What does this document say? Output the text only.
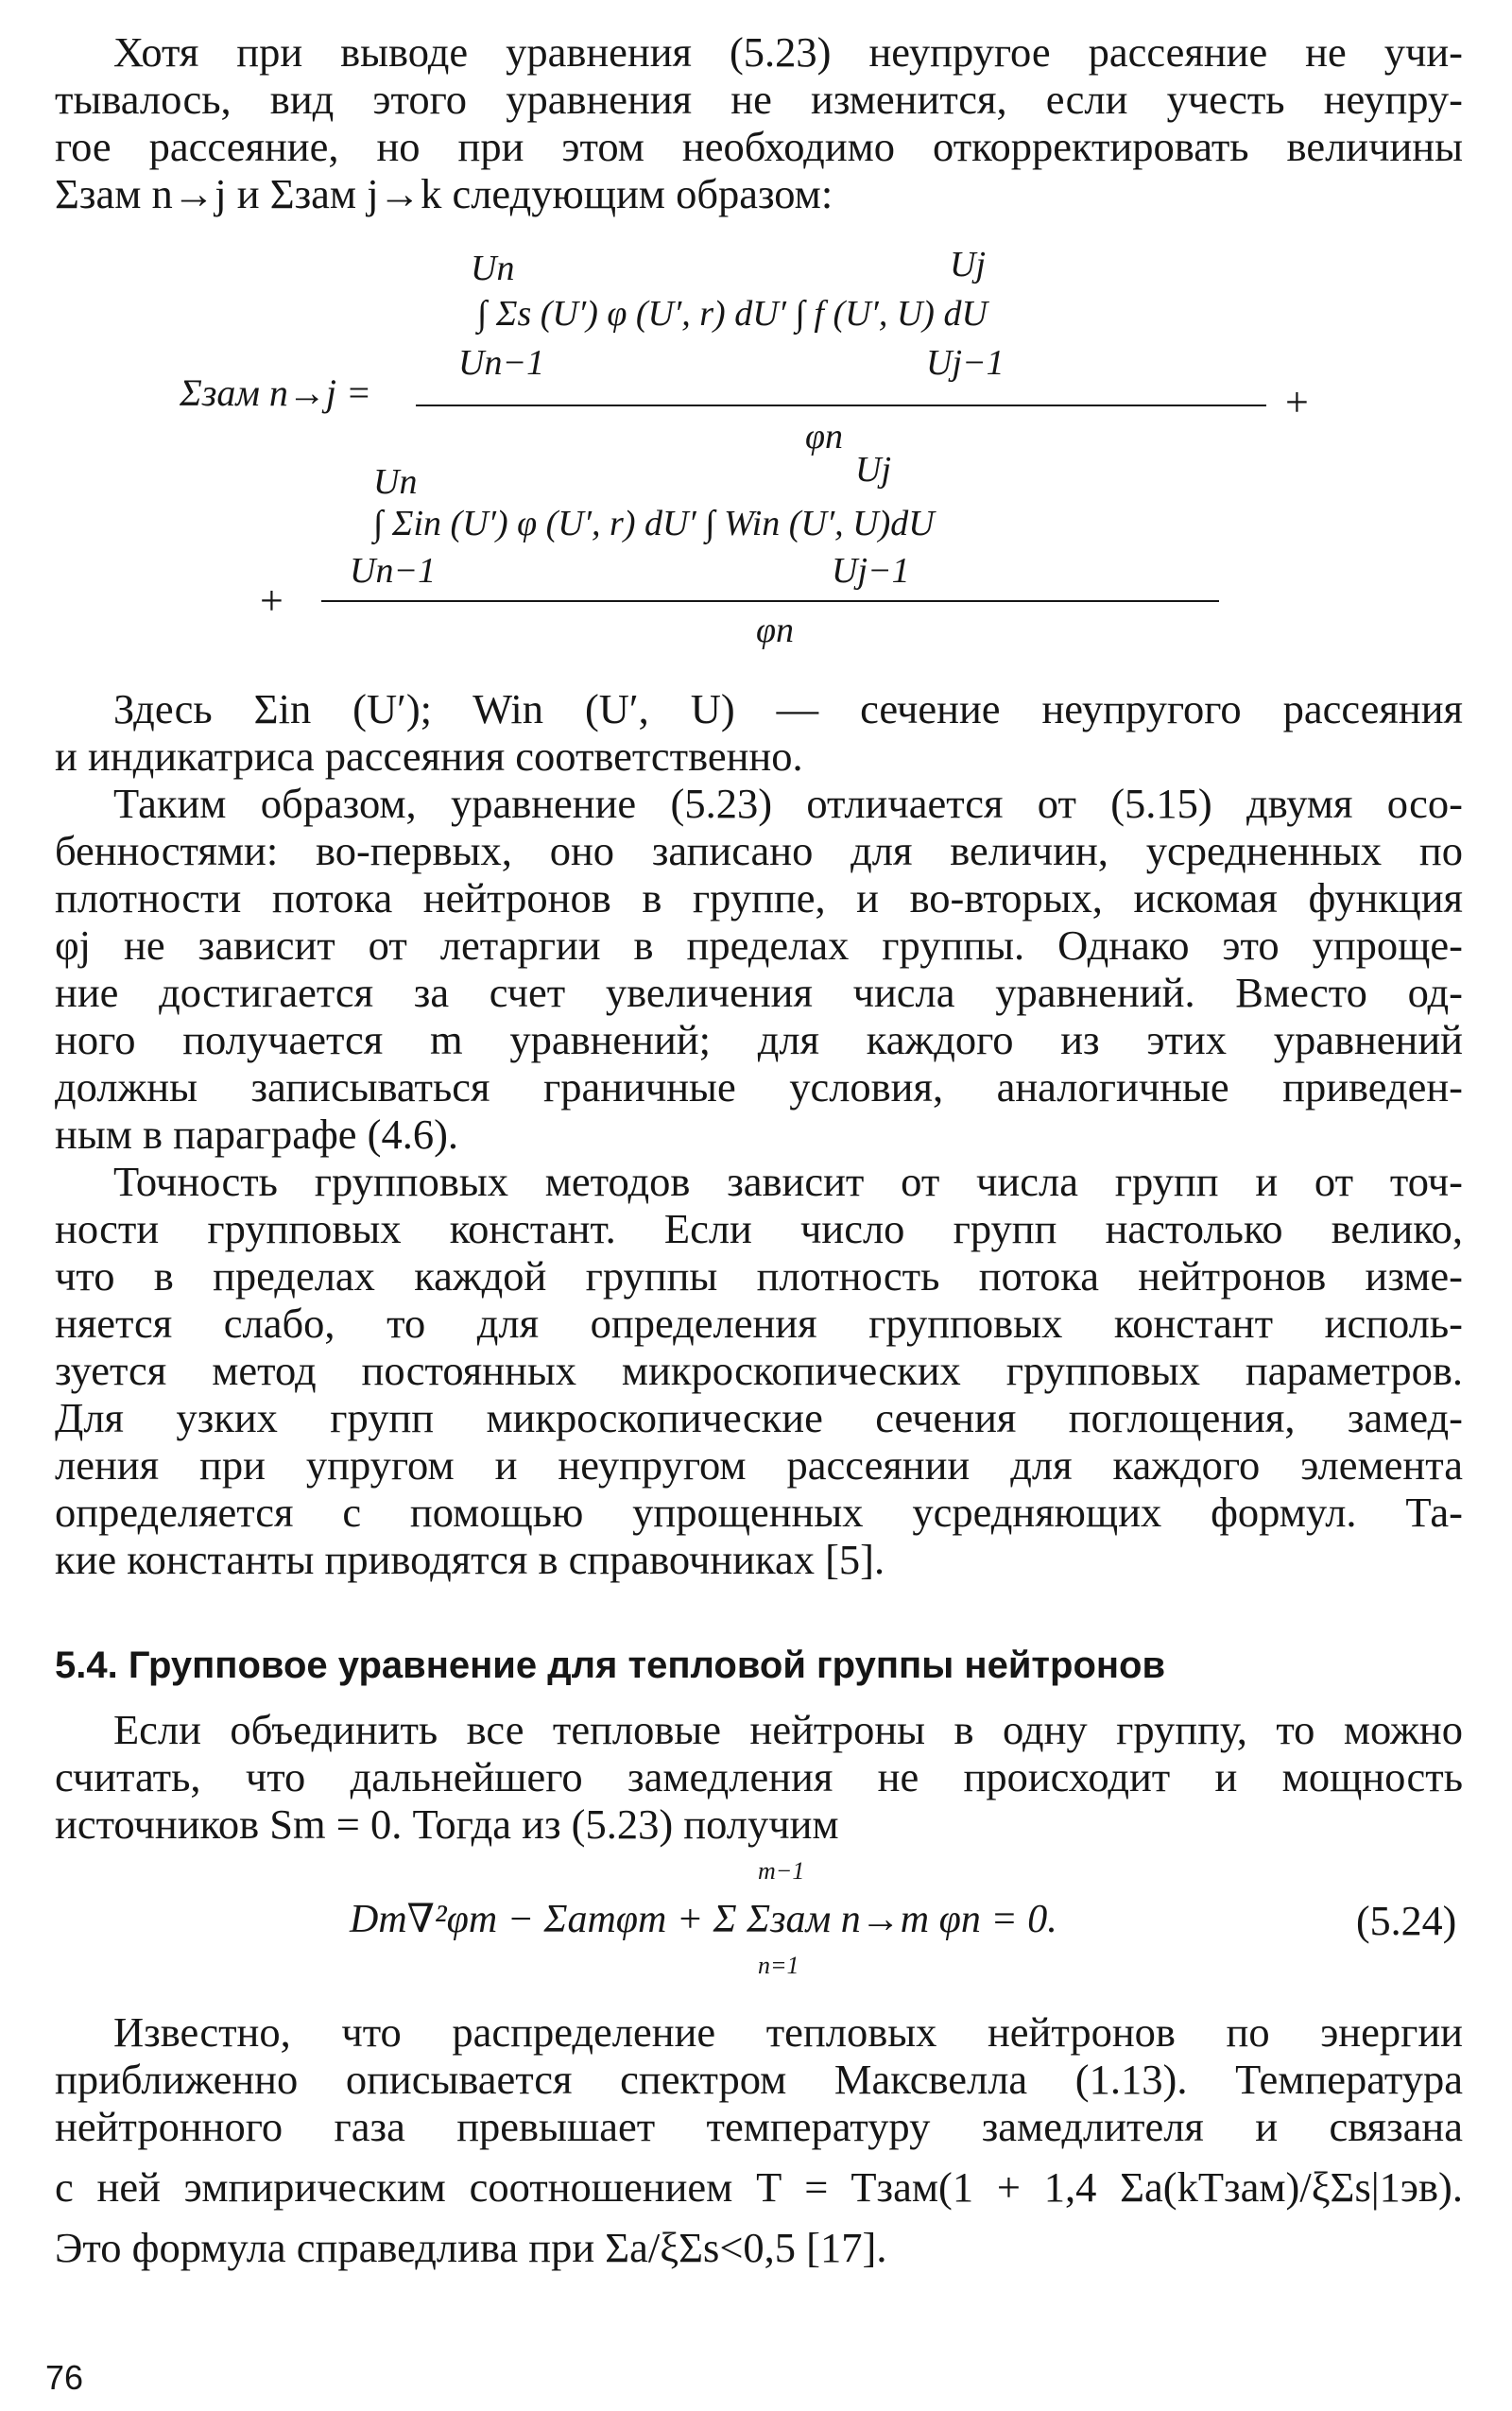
Хотя при выводе уравнения (5.23) неупругое рассеяние не учи-
тывалось, вид этого уравнения не изменится, если учесть неупру-
гое рассеяние, но при этом необходимо откорректировать величины
Σзам n→j и Σзам j→k следующим образом:
Un	Uj
∫ Σs (U′) φ (U′, r) dU′ ∫ f (U′, U) dU
Un−1	Uj−1
Σзам n→j =
φn
+
Un	Uj
∫ Σin (U′) φ (U′, r) dU′ ∫ Win (U′, U)dU
Un−1	Uj−1
+
φn
Здесь Σin (U′); Win (U′, U) — сечение неупругого рассеяния
и индикатриса рассеяния соответственно.
Таким образом, уравнение (5.23) отличается от (5.15) двумя осо-
бенностями: во-первых, оно записано для величин, усредненных по
плотности потока нейтронов в группе, и во-вторых, искомая функция
φj не зависит от летаргии в пределах группы. Однако это упроще-
ние достигается за счет увеличения числа уравнений. Вместо од-
ного получается m уравнений; для каждого из этих уравнений
должны записываться граничные условия, аналогичные приведен-
ным в параграфе (4.6).
Точность групповых методов зависит от числа групп и от точ-
ности групповых констант. Если число групп настолько велико,
что в пределах каждой группы плотность потока нейтронов изме-
няется слабо, то для определения групповых констант исполь-
зуется метод постоянных микроскопических групповых параметров.
Для узких групп микроскопические сечения поглощения, замед-
ления при упругом и неупругом рассеянии для каждого элемента
определяется с помощью упрощенных усредняющих формул. Та-
кие константы приводятся в справочниках [5].
5.4. Групповое уравнение для тепловой группы нейтронов
Если объединить все тепловые нейтроны в одну группу, то можно
считать, что дальнейшего замедления не происходит и мощность
источников Sm = 0. Тогда из (5.23) получим
m−1
Dm∇²φm − Σamφm + Σ Σзам n→m φn = 0.
n=1
(5.24)
Известно, что распределение тепловых нейтронов по энергии
приближенно описывается спектром Максвелла (1.13). Температура
нейтронного газа превышает температуру замедлителя и связана
с ней эмпирическим соотношением T = Tзам(1 + 1,4 Σa(kTзам)/ξΣs|1эв).
Это формула справедлива при Σa/ξΣs<0,5 [17].
76
